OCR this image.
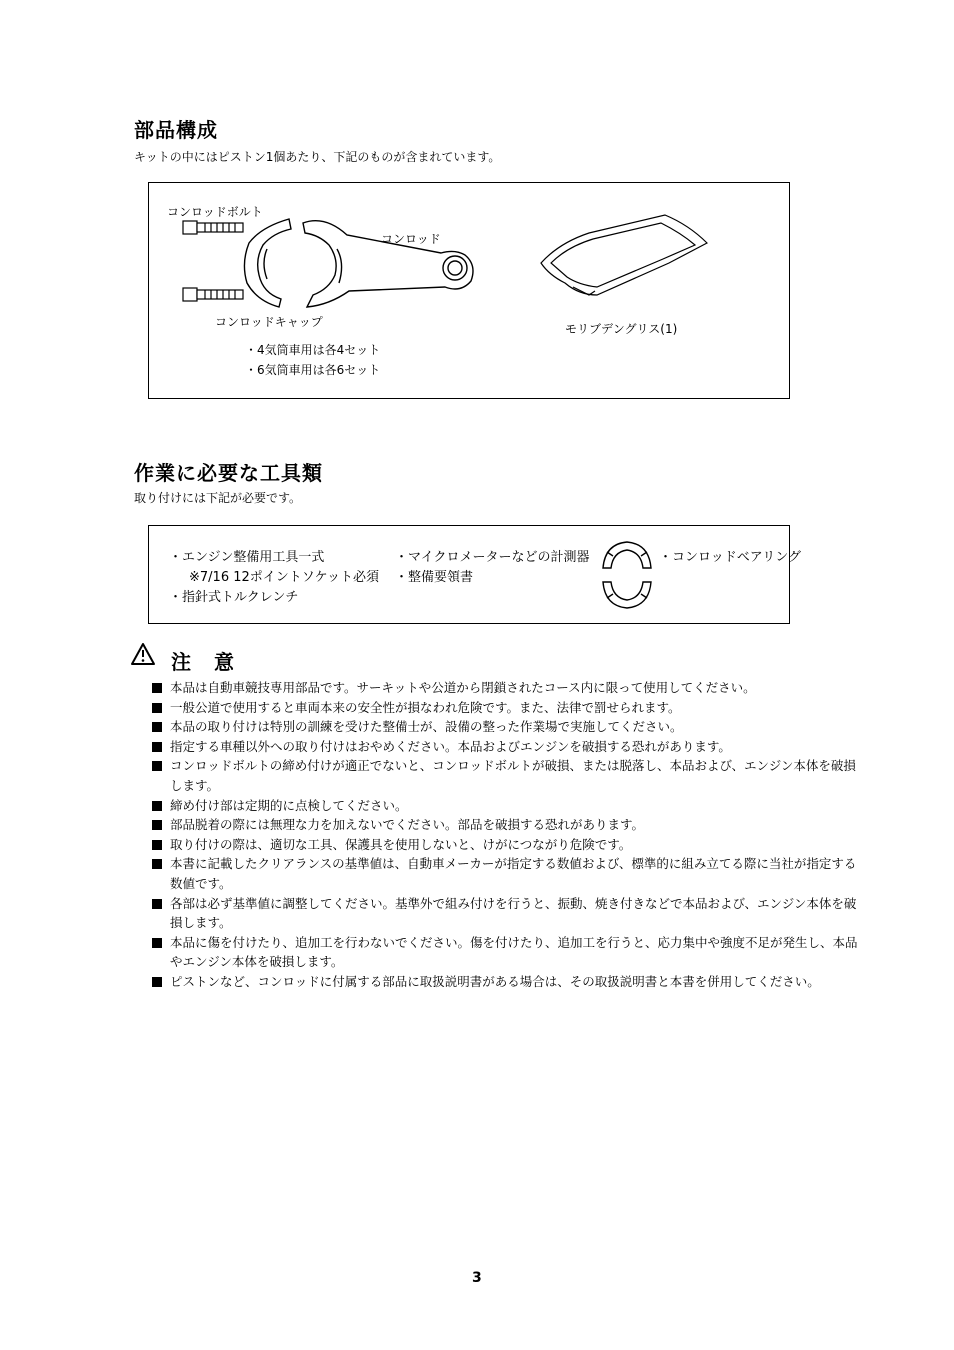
部品構成
キットの中にはピストン1個あたり、下記のものが含まれています。
コンロッドボルト
コンロッド
コンロッドキャップ	モリブデングリス(1)
・4気筒車用は各4セット
・6気筒車用は各6セット
作業に必要な工具類
取り付けには下記が必要です。
・エンジン整備用工具一式
※7/16 12ポイントソケット必須
・指針式トルクレンチ
・マイクロメーターなどの計測器
・整備要領書
・コンロッドベアリング
注 意
本品は自動車競技専用部品です。サーキットや公道から閉鎖されたコース内に限って使用してください。
一般公道で使用すると車両本来の安全性が損なわれ危険です。また、法律で罰せられます。
本品の取り付けは特別の訓練を受けた整備士が、設備の整った作業場で実施してください。
指定する車種以外への取り付けはおやめください。本品およびエンジンを破損する恐れがあります。
コンロッドボルトの締め付けが適正でないと、コンロッドボルトが破損、または脱落し、本品および、エンジン本体を破損します。
締め付け部は定期的に点検してください。
部品脱着の際には無理な力を加えないでください。部品を破損する恐れがあります。
取り付けの際は、適切な工具、保護具を使用しないと、けがにつながり危険です。
本書に記載したクリアランスの基準値は、自動車メーカーが指定する数値および、標準的に組み立てる際に当社が指定する数値です。
各部は必ず基準値に調整してください。基準外で組み付けを行うと、振動、焼き付きなどで本品および、エンジン本体を破損します。
本品に傷を付けたり、追加工を行わないでください。傷を付けたり、追加工を行うと、応力集中や強度不足が発生し、本品やエンジン本体を破損します。
ピストンなど、コンロッドに付属する部品に取扱説明書がある場合は、その取扱説明書と本書を併用してください。
3
